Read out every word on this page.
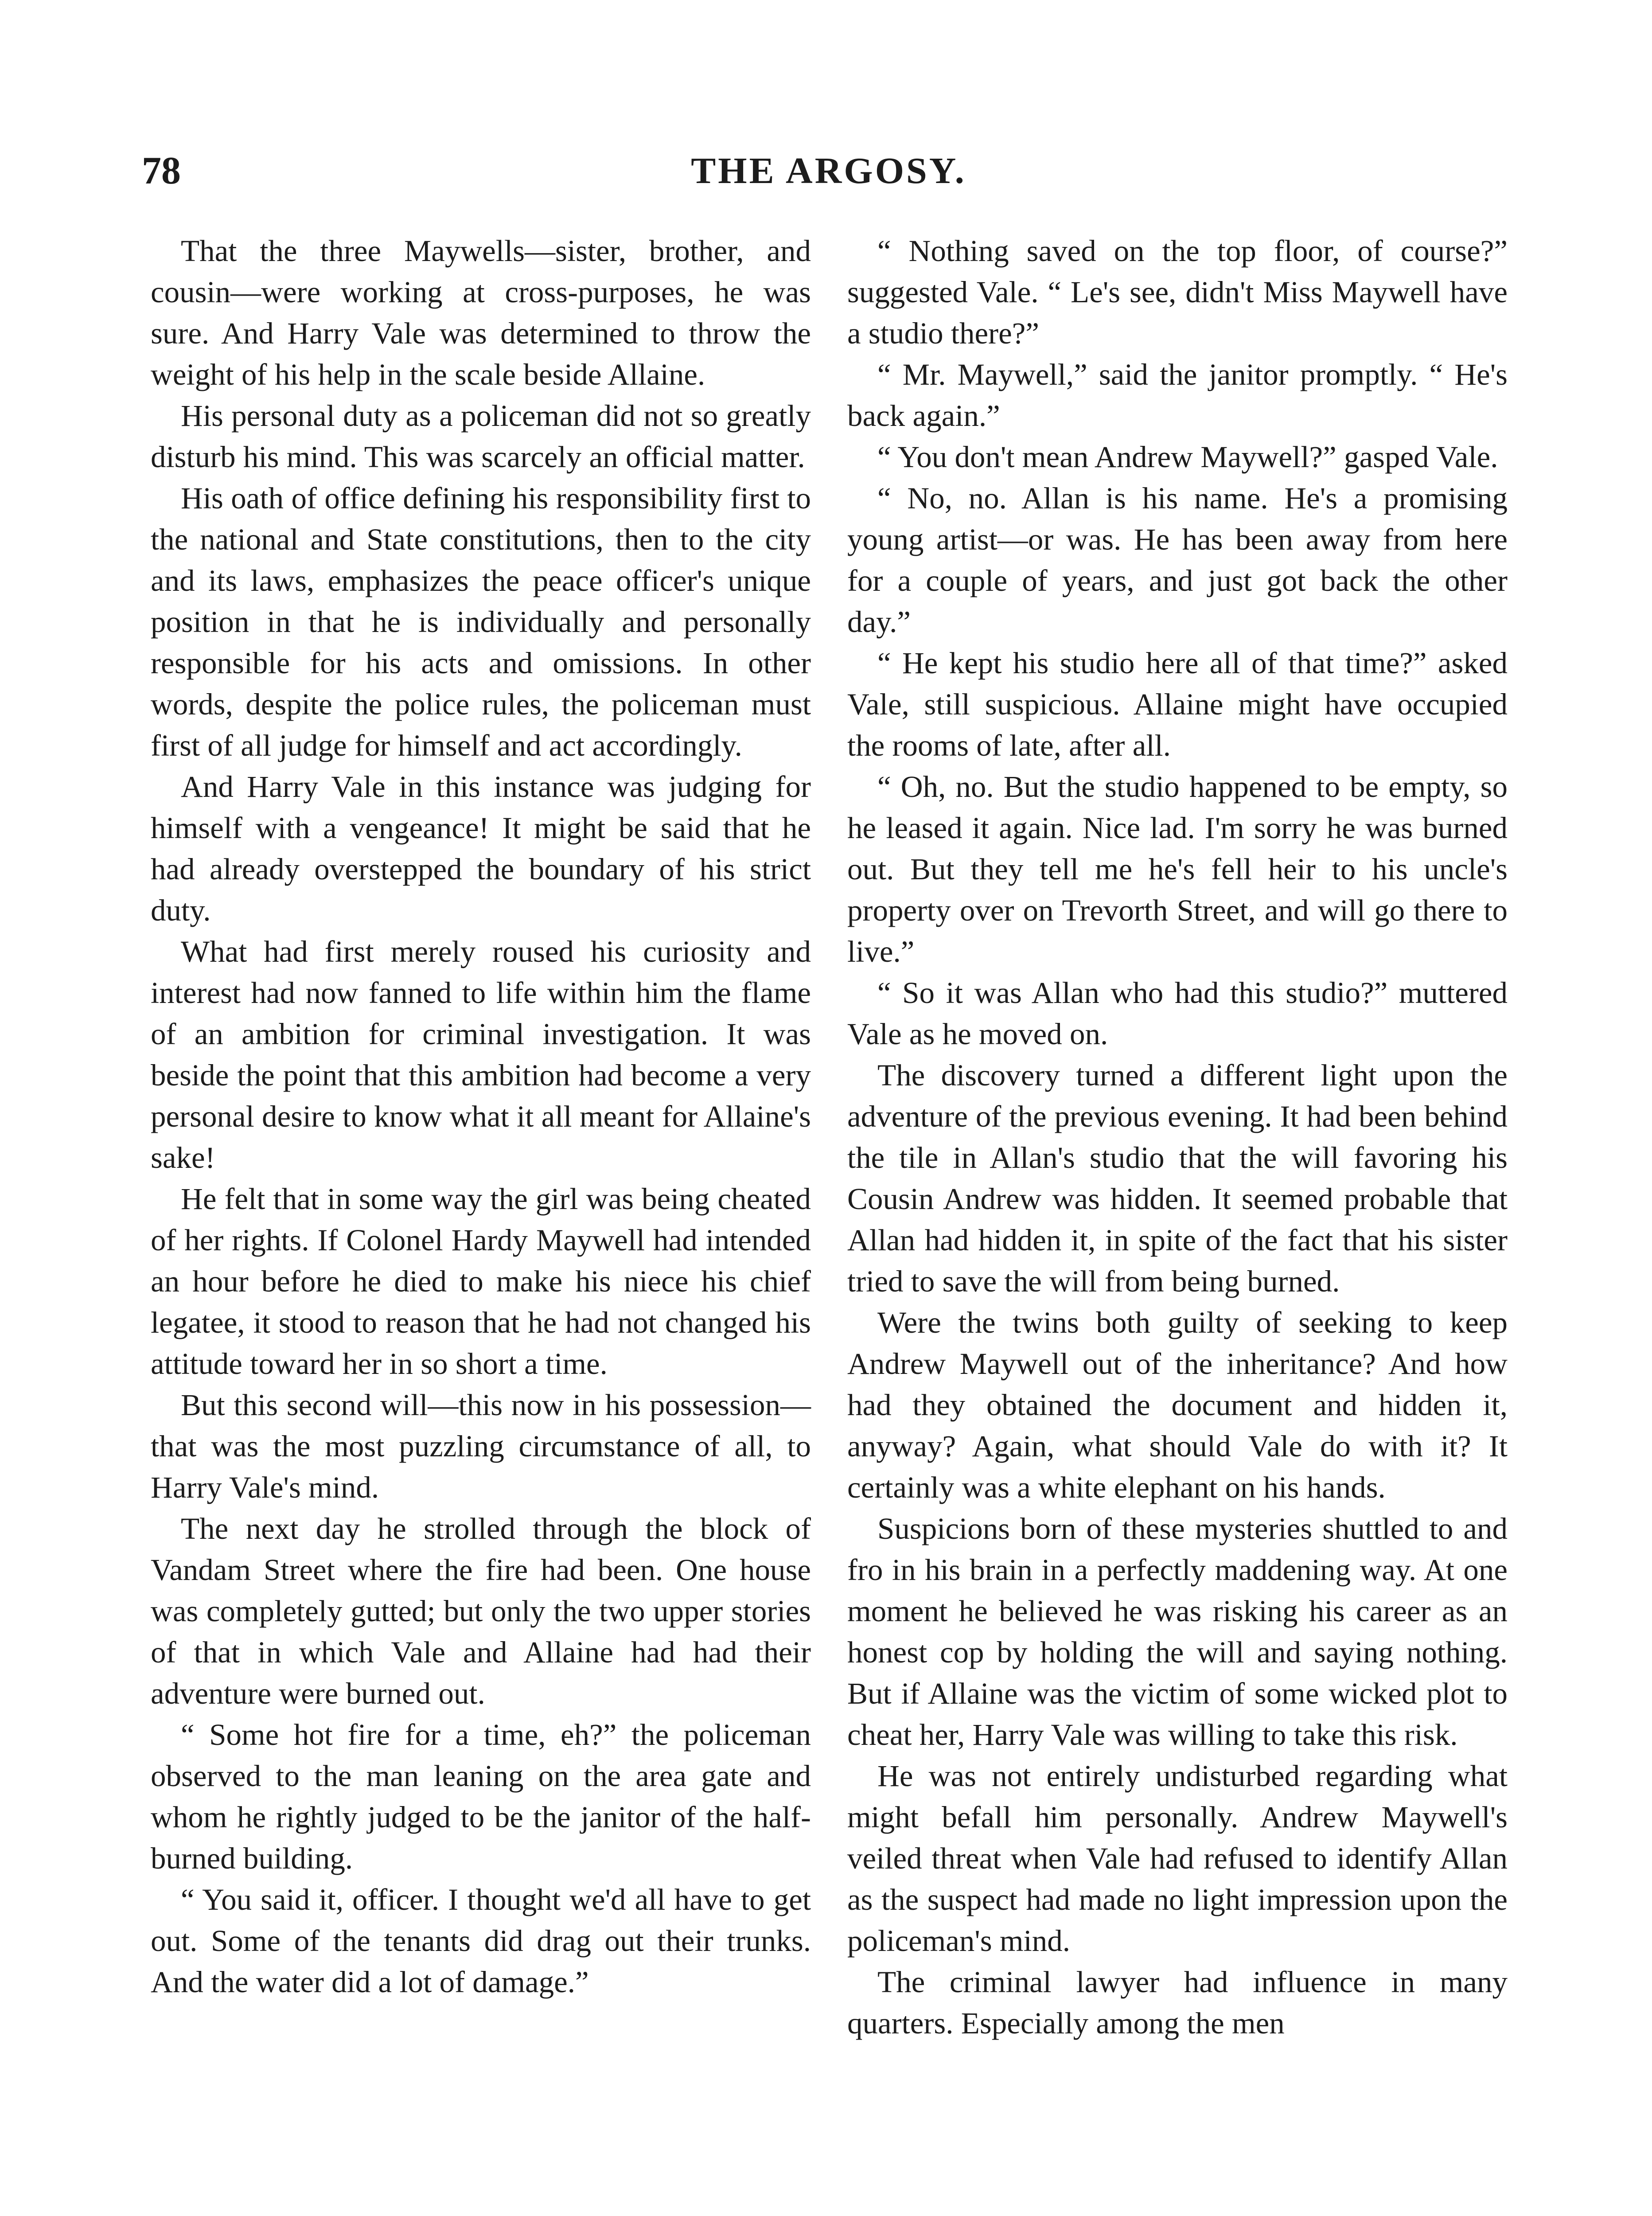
78	THE ARGOSY.

That the three Maywells—sister, brother, and cousin—were working at cross-purposes, he was sure. And Harry Vale was determined to throw the weight of his help in the scale beside Allaine.

His personal duty as a policeman did not so greatly disturb his mind. This was scarcely an official matter.

His oath of office defining his responsibility first to the national and State constitutions, then to the city and its laws, emphasizes the peace officer's unique position in that he is individually and personally responsible for his acts and omissions. In other words, despite the police rules, the policeman must first of all judge for himself and act accordingly.

And Harry Vale in this instance was judging for himself with a vengeance! It might be said that he had already overstepped the boundary of his strict duty.

What had first merely roused his curiosity and interest had now fanned to life within him the flame of an ambition for criminal investigation. It was beside the point that this ambition had become a very personal desire to know what it all meant for Allaine's sake!

He felt that in some way the girl was being cheated of her rights. If Colonel Hardy Maywell had intended an hour before he died to make his niece his chief legatee, it stood to reason that he had not changed his attitude toward her in so short a time.

But this second will—this now in his possession—that was the most puzzling circumstance of all, to Harry Vale's mind.

The next day he strolled through the block of Vandam Street where the fire had been. One house was completely gutted; but only the two upper stories of that in which Vale and Allaine had had their adventure were burned out.

“ Some hot fire for a time, eh?” the policeman observed to the man leaning on the area gate and whom he rightly judged to be the janitor of the half-burned building.

“ You said it, officer. I thought we'd all have to get out. Some of the tenants did drag out their trunks. And the water did a lot of damage.”

“ Nothing saved on the top floor, of course?” suggested Vale. “ Le's see, didn't Miss Maywell have a studio there?”

“ Mr. Maywell,” said the janitor promptly. “ He's back again.”

“ You don't mean Andrew Maywell?” gasped Vale.

“ No, no. Allan is his name. He's a promising young artist—or was. He has been away from here for a couple of years, and just got back the other day.”

“ He kept his studio here all of that time?” asked Vale, still suspicious. Allaine might have occupied the rooms of late, after all.

“ Oh, no. But the studio happened to be empty, so he leased it again. Nice lad. I'm sorry he was burned out. But they tell me he's fell heir to his uncle's property over on Trevorth Street, and will go there to live.”

“ So it was Allan who had this studio?” muttered Vale as he moved on.

The discovery turned a different light upon the adventure of the previous evening. It had been behind the tile in Allan's studio that the will favoring his Cousin Andrew was hidden. It seemed probable that Allan had hidden it, in spite of the fact that his sister tried to save the will from being burned.

Were the twins both guilty of seeking to keep Andrew Maywell out of the inheritance? And how had they obtained the document and hidden it, anyway? Again, what should Vale do with it? It certainly was a white elephant on his hands.

Suspicions born of these mysteries shuttled to and fro in his brain in a perfectly maddening way. At one moment he believed he was risking his career as an honest cop by holding the will and saying nothing. But if Allaine was the victim of some wicked plot to cheat her, Harry Vale was willing to take this risk.

He was not entirely undisturbed regarding what might befall him personally. Andrew Maywell's veiled threat when Vale had refused to identify Allan as the suspect had made no light impression upon the policeman's mind.

The criminal lawyer had influence in many quarters. Especially among the men
